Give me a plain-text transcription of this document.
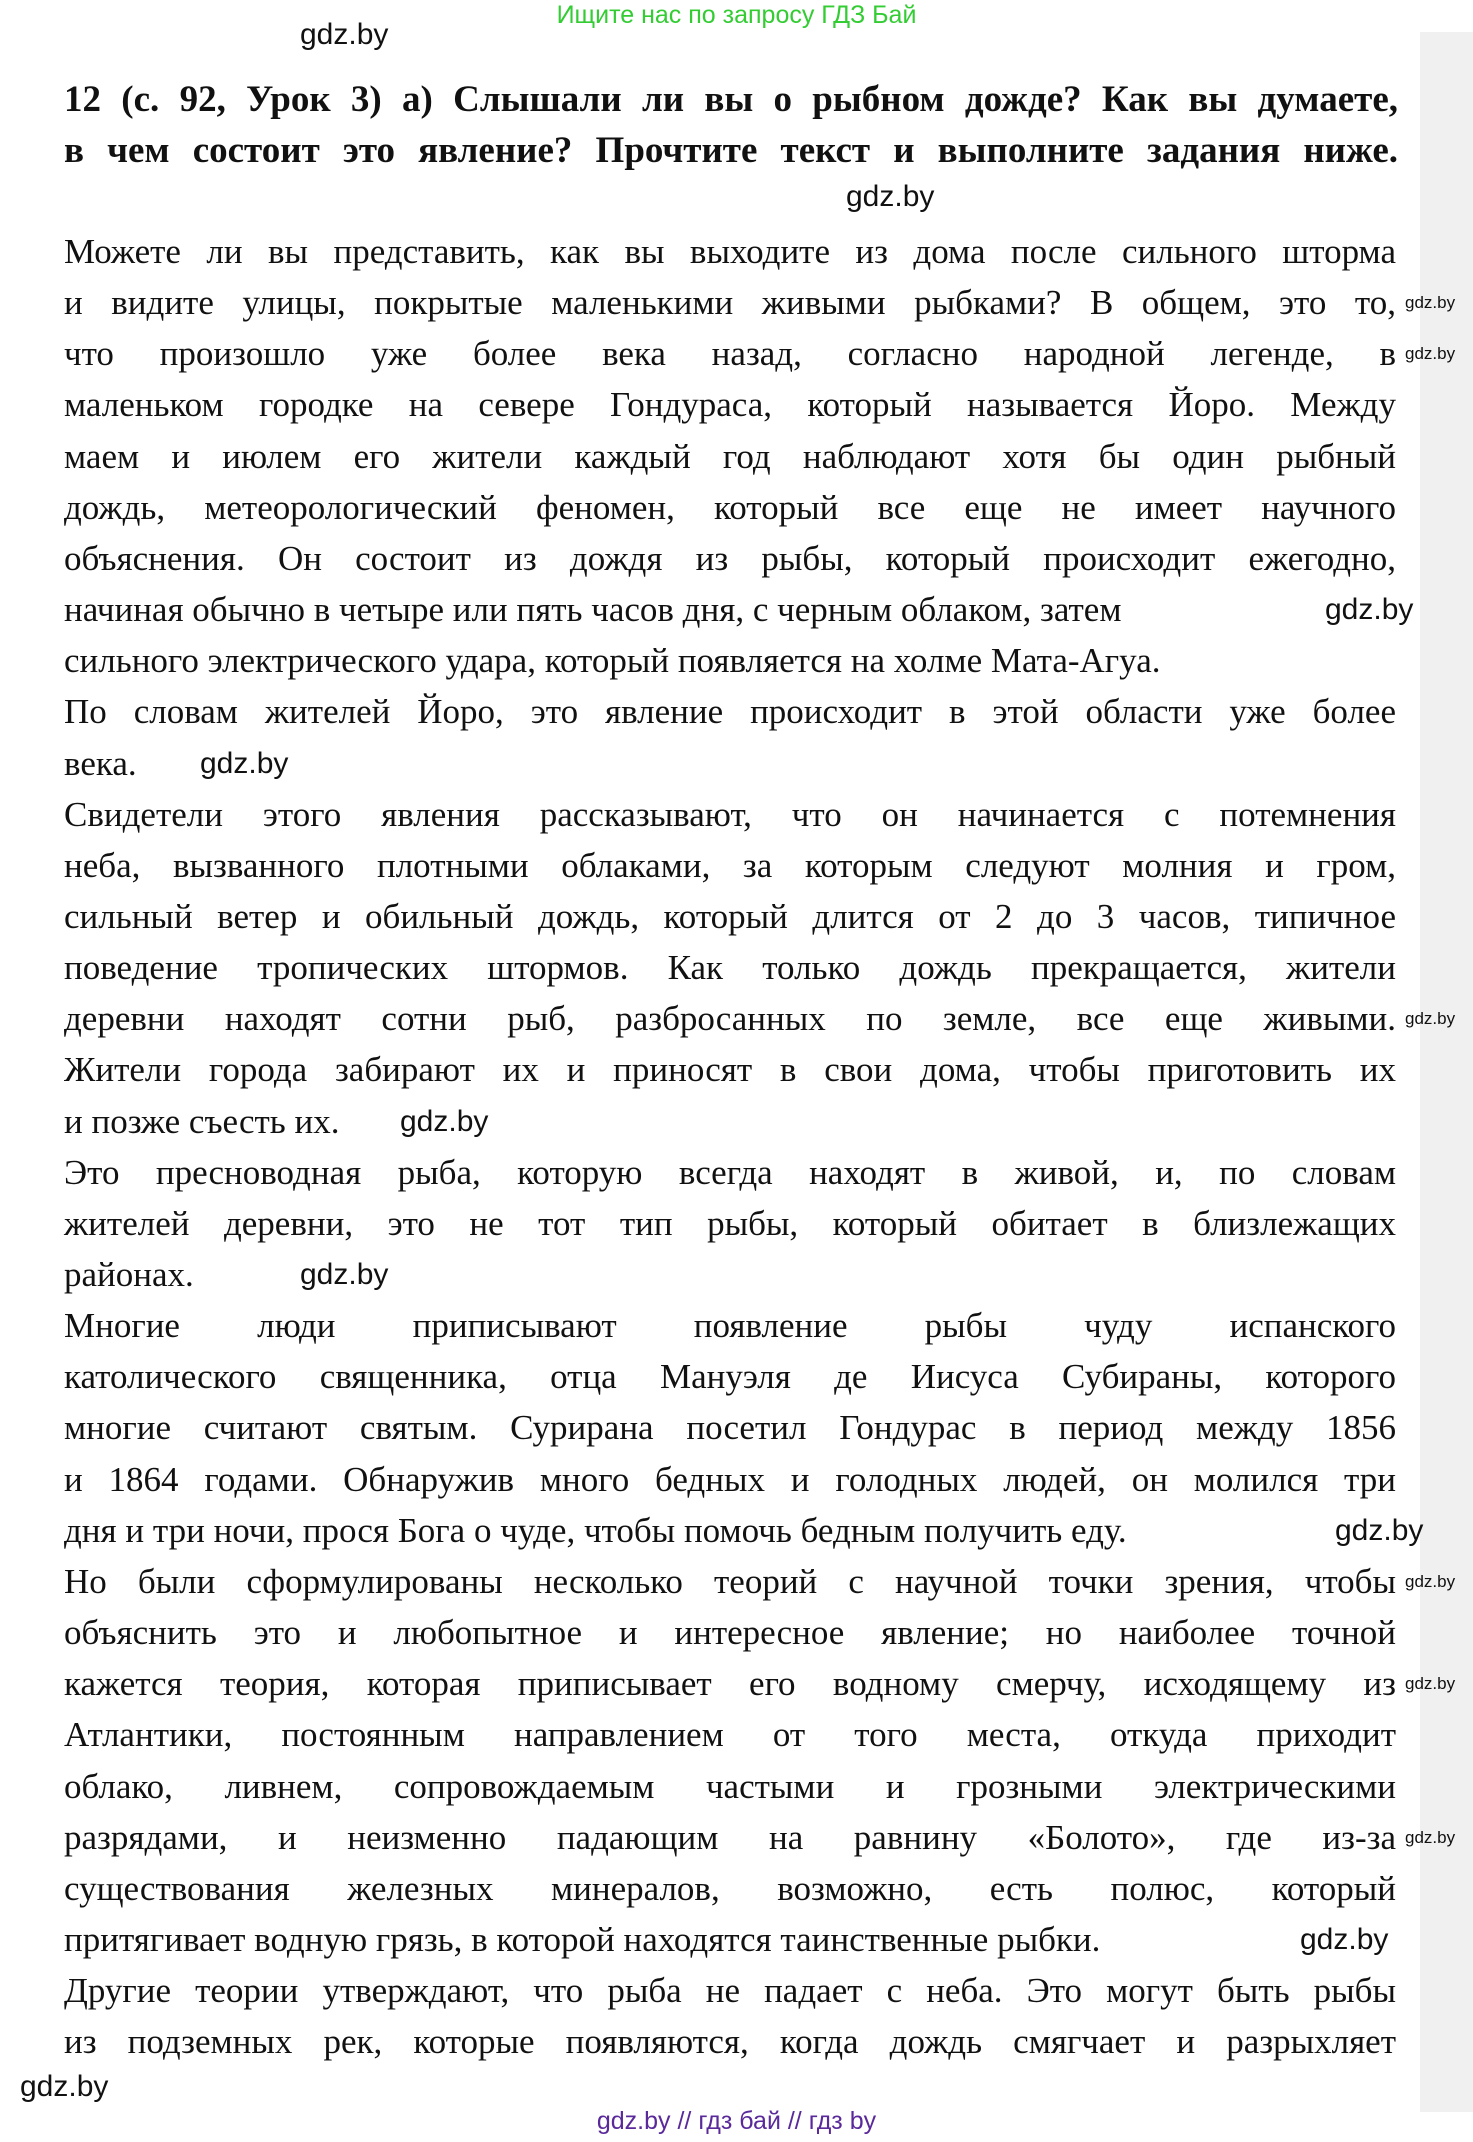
Ищите нас по запросу ГДЗ Бай
12 (с. 92, Урок 3) а) Слышали ли вы о рыбном дожде? Как вы думаете,
в чем состоит это явление? Прочтите текст и выполните задания ниже.
Можете ли вы представить, как вы выходите из дома после сильного шторма
и видите улицы, покрытые маленькими живыми рыбками? В общем, это то,
что произошло уже более века назад, согласно народной легенде, в
маленьком городке на севере Гондураса, который называется Йоро. Между
маем и июлем его жители каждый год наблюдают хотя бы один рыбный
дождь, метеорологический феномен, который все еще не имеет научного
объяснения. Он состоит из дождя из рыбы, который происходит ежегодно,
начиная обычно в четыре или пять часов дня, с черным облаком, затем
сильного электрического удара, который появляется на холме Мата-Агуа.
По словам жителей Йоро, это явление происходит в этой области уже более
века.
Свидетели этого явления рассказывают, что он начинается с потемнения
неба, вызванного плотными облаками, за которым следуют молния и гром,
сильный ветер и обильный дождь, который длится от 2 до 3 часов, типичное
поведение тропических штормов. Как только дождь прекращается, жители
деревни находят сотни рыб, разбросанных по земле, все еще живыми.
Жители города забирают их и приносят в свои дома, чтобы приготовить их
и позже съесть их.
Это пресноводная рыба, которую всегда находят в живой, и, по словам
жителей деревни, это не тот тип рыбы, который обитает в близлежащих
районах.
Многие люди приписывают появление рыбы чуду испанского
католического священника, отца Мануэля де Иисуса Субираны, которого
многие считают святым. Сурирана посетил Гондурас в период между 1856
и 1864 годами. Обнаружив много бедных и голодных людей, он молился три
дня и три ночи, прося Бога о чуде, чтобы помочь бедным получить еду.
Но были сформулированы несколько теорий с научной точки зрения, чтобы
объяснить это и любопытное и интересное явление; но наиболее точной
кажется теория, которая приписывает его водному смерчу, исходящему из
Атлантики, постоянным направлением от того места, откуда приходит
облако, ливнем, сопровождаемым частыми и грозными электрическими
разрядами, и неизменно падающим на равнину «Болото», где из-за
существования железных минералов, возможно, есть полюс, который
притягивает водную грязь, в которой находятся таинственные рыбки.
Другие теории утверждают, что рыба не падает с неба. Это могут быть рыбы
из подземных рек, которые появляются, когда дождь смягчает и разрыхляет
gdz.by
gdz.by
gdz.by
gdz.by
gdz.by
gdz.by
gdz.by
gdz.by
gdz.by
gdz.by
gdz.by
gdz.by
gdz.by
gdz.by
gdz.by
gdz.by // гдз бай // гдз by
